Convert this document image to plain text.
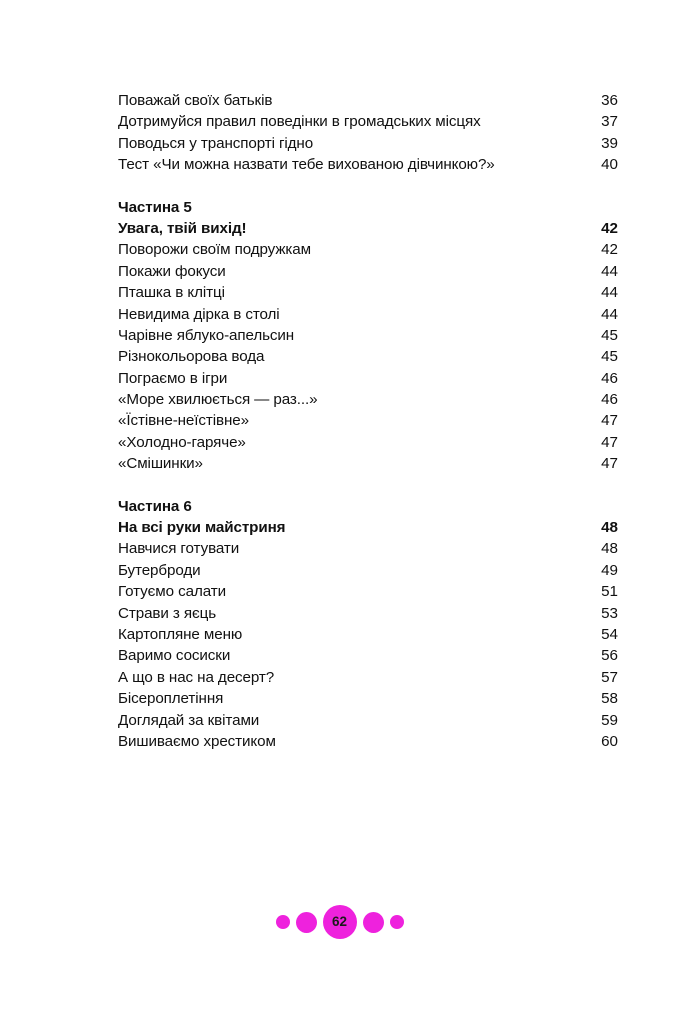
Поважай своїх батьків	36
Дотримуйся правил поведінки в громадських місцях	37
Поводься у транспорті гідно	39
Тест «Чи можна назвати тебе вихованою дівчинкою?»	40
Частина 5
Увага, твій вихід!	42
Поворожи своїм подружкам	42
Покажи фокуси	44
Пташка в клітці	44
Невидима дірка в столі	44
Чарівне яблуко-апельсин	45
Різнокольорова вода	45
Пограємо в ігри	46
«Море хвилюється — раз...»	46
«Їстівне-неїстівне»	47
«Холодно-гаряче»	47
«Смішинки»	47
Частина 6
На всі руки майстриня	48
Навчися готувати	48
Бутерброди	49
Готуємо салати	51
Страви з яєць	53
Картопляне меню	54
Варимо сосиски	56
А що в нас на десерт?	57
Бісероплетіння	58
Доглядай за квітами	59
Вишиваємо хрестиком	60
62
